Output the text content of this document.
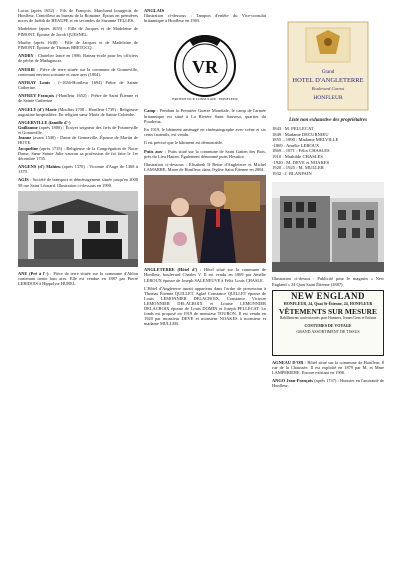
Lucas (après 1652) : Fils de François. Marchand bourgeois de Honfleur. Contrôleur au bureau de la Romaine. Époux en premières noces de Judith de BEAUPE et en secondes de Suzanne TELLES.
Madeleine (après 1655) : Fille de Jacques et de Madeleine de PIMONT. Épouse de Jacob QUESNEL.
Marthe (après 1648) : Fille de Jacques et de Madeleine de PIMONT. Épouse de Thomas BRETOCQ.
ANDRY : Chatelier lancé en 1986. Bateau-école pour les officiers de pêche de Madagascar.
ANERIE : Pièce de terre située sur la commune de Gonneville, contenant environ soixante et onze ares (1804).
ANFRAY Louis : (~1636-Honfleur 1694) Prêtre de Sainte Catherine.
ANFREY François (-Honfleur 1652) : Prêtre de Saint Étienne et de Sainte Catherine.
ANGELY (d') Marie (Moulins 1708 – Honfleur 1739) : Religieuse augustine hospitalière. En religion sœur Marie de Sainte Colombe.
ANGERVILLE (famille d'-)
Guillaume (après 1800) : Écuyer seigneur des fiefs de Fourneville et Gonneville.
Jeanne (avant 1540) : Dame de Genneville. Épouse de Martin de HOYE.
Jacqueline (après 1735) : Religieuse de la Congrégation de Notre Dame, Sœur Sainte Julie vauvan sa profession de foi faite le 1er décembre 1735.
ANGENS (d') Mahieu (après 1370) : Vicomte d'Auge de 1368 à 1370.
AGIS : Société de transport et déménagement située jusqu'en 2008 58 rue Saint Léonard. Illustration ci-dessous en 1990.
ANE (Pré à l'-) : Pièce de terre située sur la commune d'Ablon contenant trente huit ares. Elle est vendue en 1887 par Pierre LEBIDOIS à Hippolyte HUREL.
ANGLAIS
Illustration ci-dessous : Tampon d'entête du Vice-consulat britannique à Honfleur en 1903.
VR
BRITISH VICE CONSULATE · HONFLEUR
Camp : Pendant la Première Guerre Mondiale, le camp de l'armée britannique est situé à La Rivière Saint Sauveur, quartier du Poudreux.
En 1919, le bâtiment aménagé en cinématographe avec scène et six cents fauteuils, est vendu.
Il est précisé que le bâtiment est démontable.
Puits aux- : Puits situé sur la commune de Saint Gatien des Bois, près du Lieu Hatten. Également dénommé puits Hesutiot.
Illustration ci-dessous : Elisabeth II Reine d'Angleterre et Michel LAMARRE, Maire de Honfleur, dans l'église Saint Étienne en 2004.
ANGLETERRE (Hôtel d') : Hôtel situé sur la commune de Honfleur, boulevard Charles V. Il est vendu en 1869 par Amélie LEROUX épouse de Joseph SALENEUVE à Félix Louis CHASLE.
L'Hôtel d'Angleterre aurait appartenu dans l'ordre de possession à Thomas Étienne QUILLET, Aglaé Constance QUILLET épouse de Louis LEMONNIER DELACROIX, Constance Victoire LEMONNIER DELACROIX et Louise LEMONNIER DELACROIX épouse de Louis DOMIN et Joseph PELLECAT. Le fonds est proposé en 1919 de monsieur TOURON. Il est vendu en 1920 par monsieur DEVE et monsieur NOAKES à monsieur et madame MULLER.
Grand
HOTEL D'ANGLETERRE
Boulevard Carnot
HONFLEUR
Liste non exhaustive des propriétaires
1843 : M. PELLECAT
1849 : Madame DECURNIEU
1855 – 1890 : Madame MELVILLE
-1869 : Amélie LEROUX
1869 – 1871 : Félix CHASLES
1910 : Mathilde CHASLES
-1920 : M. DEVE et NOAKES
1920 – 1925 : M. MULLER
1932 : J. BLANPAIN
Illustration ci-dessus : Publicité pour le magasin « New England » 24 Quai Saint Étienne (1887).
NEW ENGLAND
HONFLEUR, 24, Quai St-Étienne, 24, HONFLEUR
VÊTEMENTS SUR MESURE
Habillements confectionnés pour Hommes, Jeunes Gens et Enfants
COSTUMES DE VOYAGE
GRAND ASSORTIMENT DE TISSUS
AGNEAU D'OR : Hôtel situé sur la commune de Honfleur, 8 rue de la Chaussée. Il est exploité en 1879 par M. et Mme LAMPERIERE. Encore existant en 1900.
ANGO Jean-François (après 1737) : Huissier en l'amirauté de Honfleur.
